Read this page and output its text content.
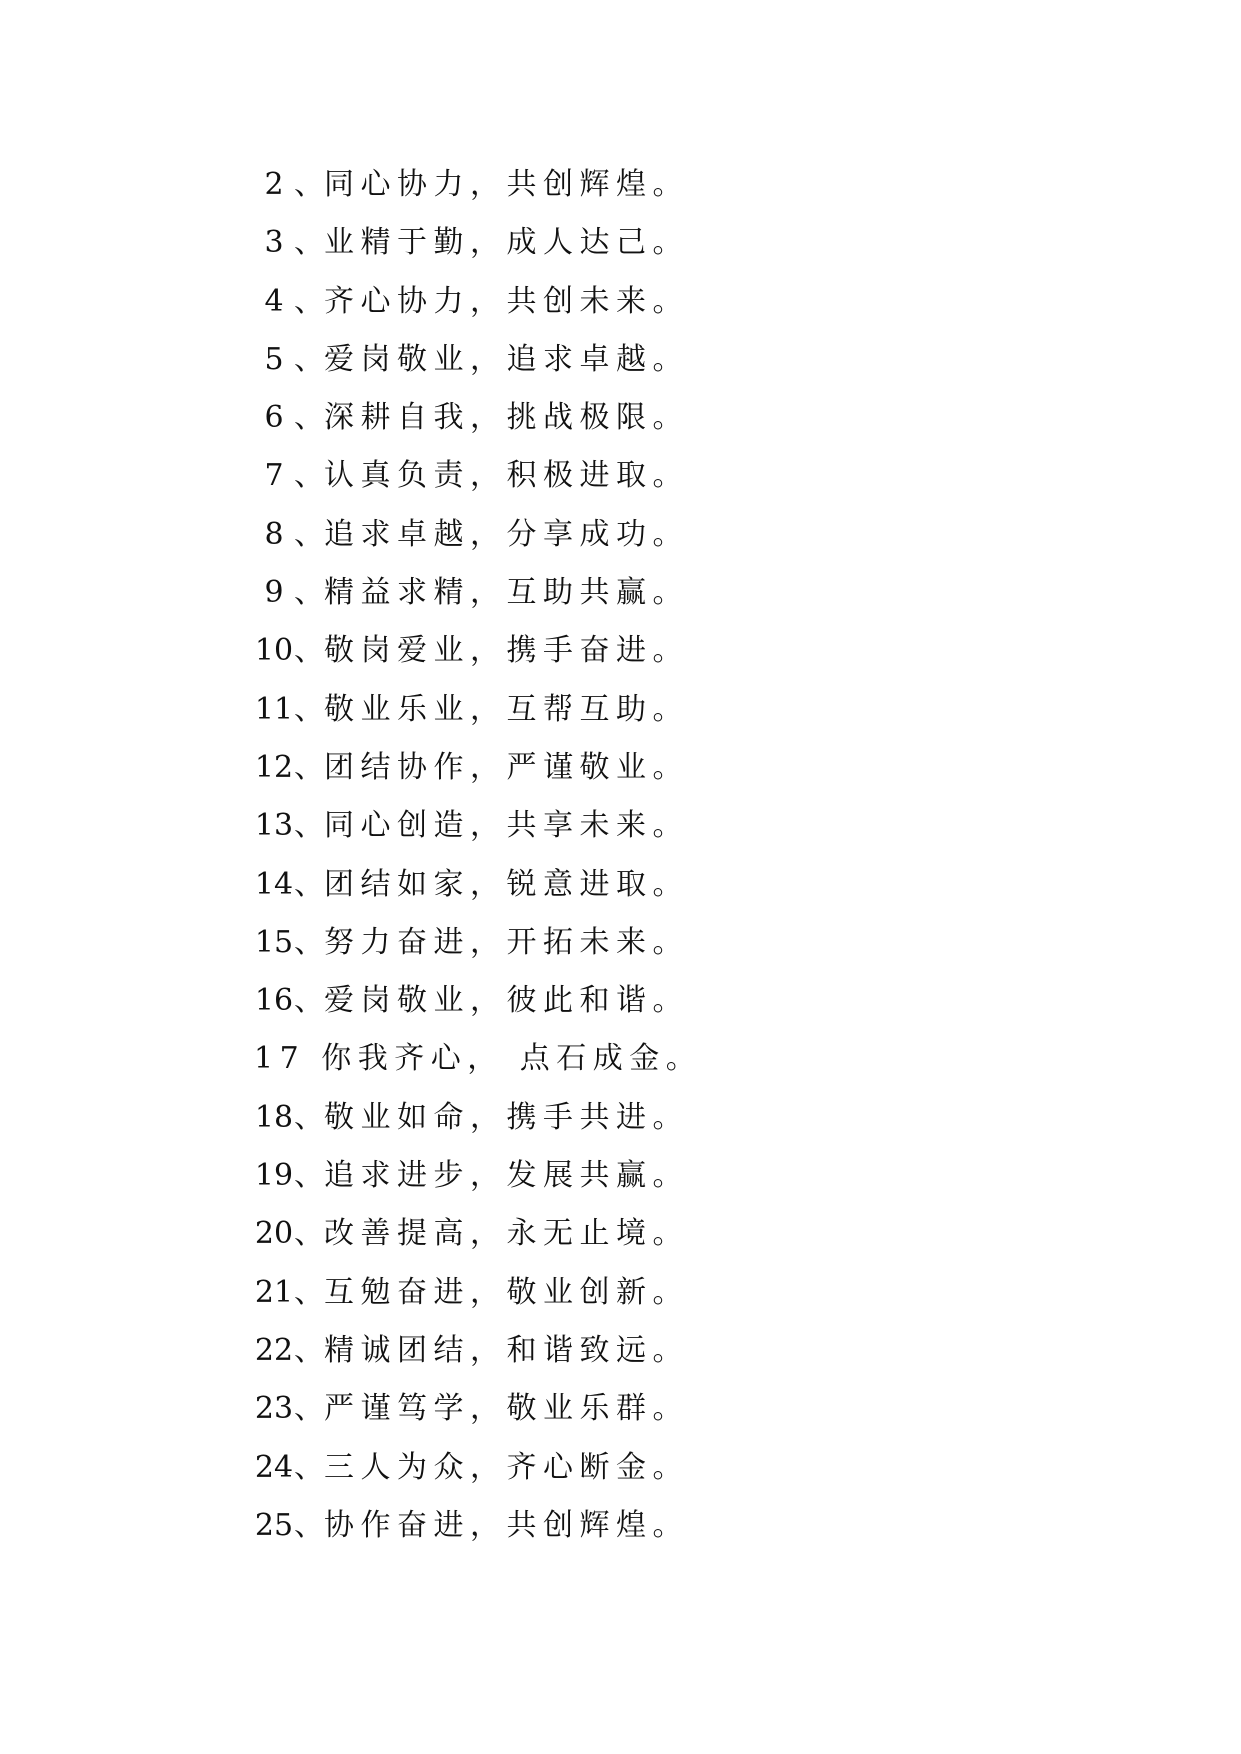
2 、同心协力，共创辉煌。
3 、业精于勤，成人达己。
4 、齐心协力，共创未来。
5 、爱岗敬业，追求卓越。
6 、深耕自我，挑战极限。
7 、认真负责，积极进取。
8 、追求卓越，分享成功。
9 、精益求精，互助共赢。
10、敬岗爱业，携手奋进。
11、敬业乐业，互帮互助。
12、团结协作，严谨敬业。
13、同心创造，共享未来。
14、团结如家，锐意进取。
15、努力奋进，开拓未来。
16、爱岗敬业，彼此和谐。
17 你我齐心， 点石成金。
18、敬业如命，携手共进。
19、追求进步，发展共赢。
20、改善提高，永无止境。
21、互勉奋进，敬业创新。
22、精诚团结，和谐致远。
23、严谨笃学，敬业乐群。
24、三人为众，齐心断金。
25、协作奋进，共创辉煌。
